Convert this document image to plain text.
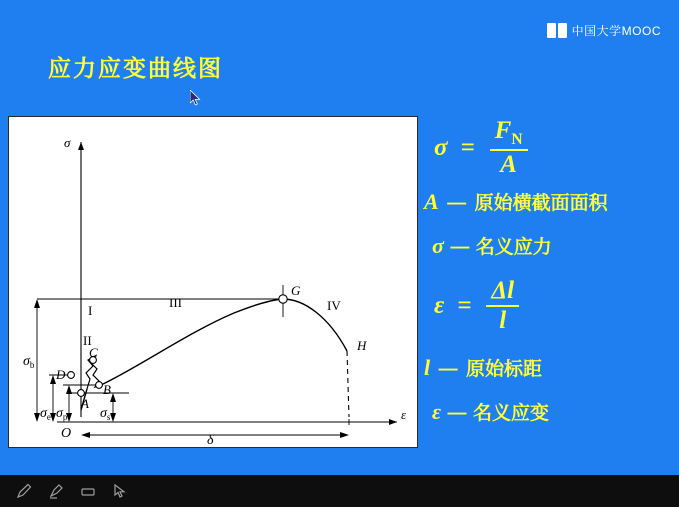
中国大学MOOC
应力应变曲线图
σ
ε
O
I
II
III	IV
G
H
D
B
A
C
$\sigma_b$
$\sigma_e$ $\sigma_p$ $\sigma_s$
δ
$\sigma = \frac{F_N}{A}$
A — 原始横截面面积
σ — 名义应力
$\varepsilon = \frac{\Delta l}{l}$
l — 原始标距
ε — 名义应变
